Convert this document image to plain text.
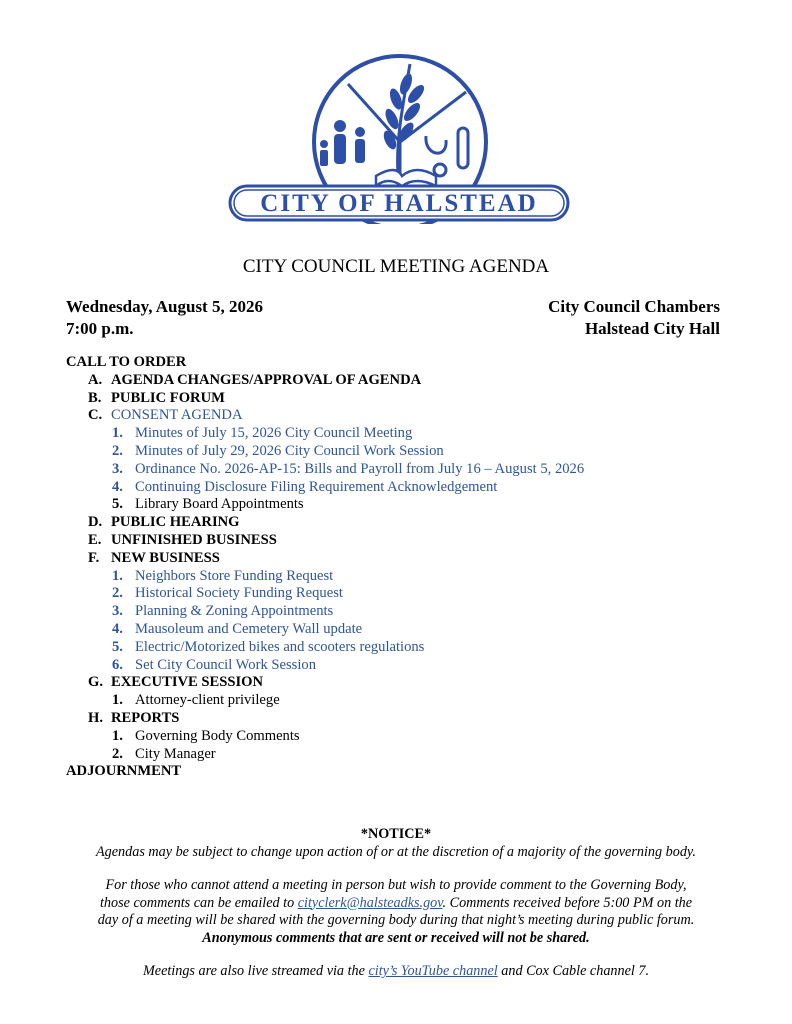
CITY OF HALSTEAD
CITY COUNCIL MEETING AGENDA
Wednesday, August 5, 2026
7:00 p.m.
City Council Chambers
Halstead City Hall
CALL TO ORDER
A. AGENDA CHANGES/APPROVAL OF AGENDA
B. PUBLIC FORUM
C. CONSENT AGENDA
1. Minutes of July 15, 2026 City Council Meeting
2. Minutes of July 29, 2026 City Council Work Session
3. Ordinance No. 2026-AP-15: Bills and Payroll from July 16 – August 5, 2026
4. Continuing Disclosure Filing Requirement Acknowledgement
5. Library Board Appointments
D. PUBLIC HEARING
E. UNFINISHED BUSINESS
F. NEW BUSINESS
1. Neighbors Store Funding Request
2. Historical Society Funding Request
3. Planning & Zoning Appointments
4. Mausoleum and Cemetery Wall update
5. Electric/Motorized bikes and scooters regulations
6. Set City Council Work Session
G. EXECUTIVE SESSION
1. Attorney-client privilege
H. REPORTS
1. Governing Body Comments
2. City Manager
ADJOURNMENT
*NOTICE*
Agendas may be subject to change upon action of or at the discretion of a majority of the governing body.
For those who cannot attend a meeting in person but wish to provide comment to the Governing Body,
those comments can be emailed to cityclerk@halsteadks.gov. Comments received before 5:00 PM on the
day of a meeting will be shared with the governing body during that night’s meeting during public forum.
Anonymous comments that are sent or received will not be shared.
Meetings are also live streamed via the city’s YouTube channel and Cox Cable channel 7.
